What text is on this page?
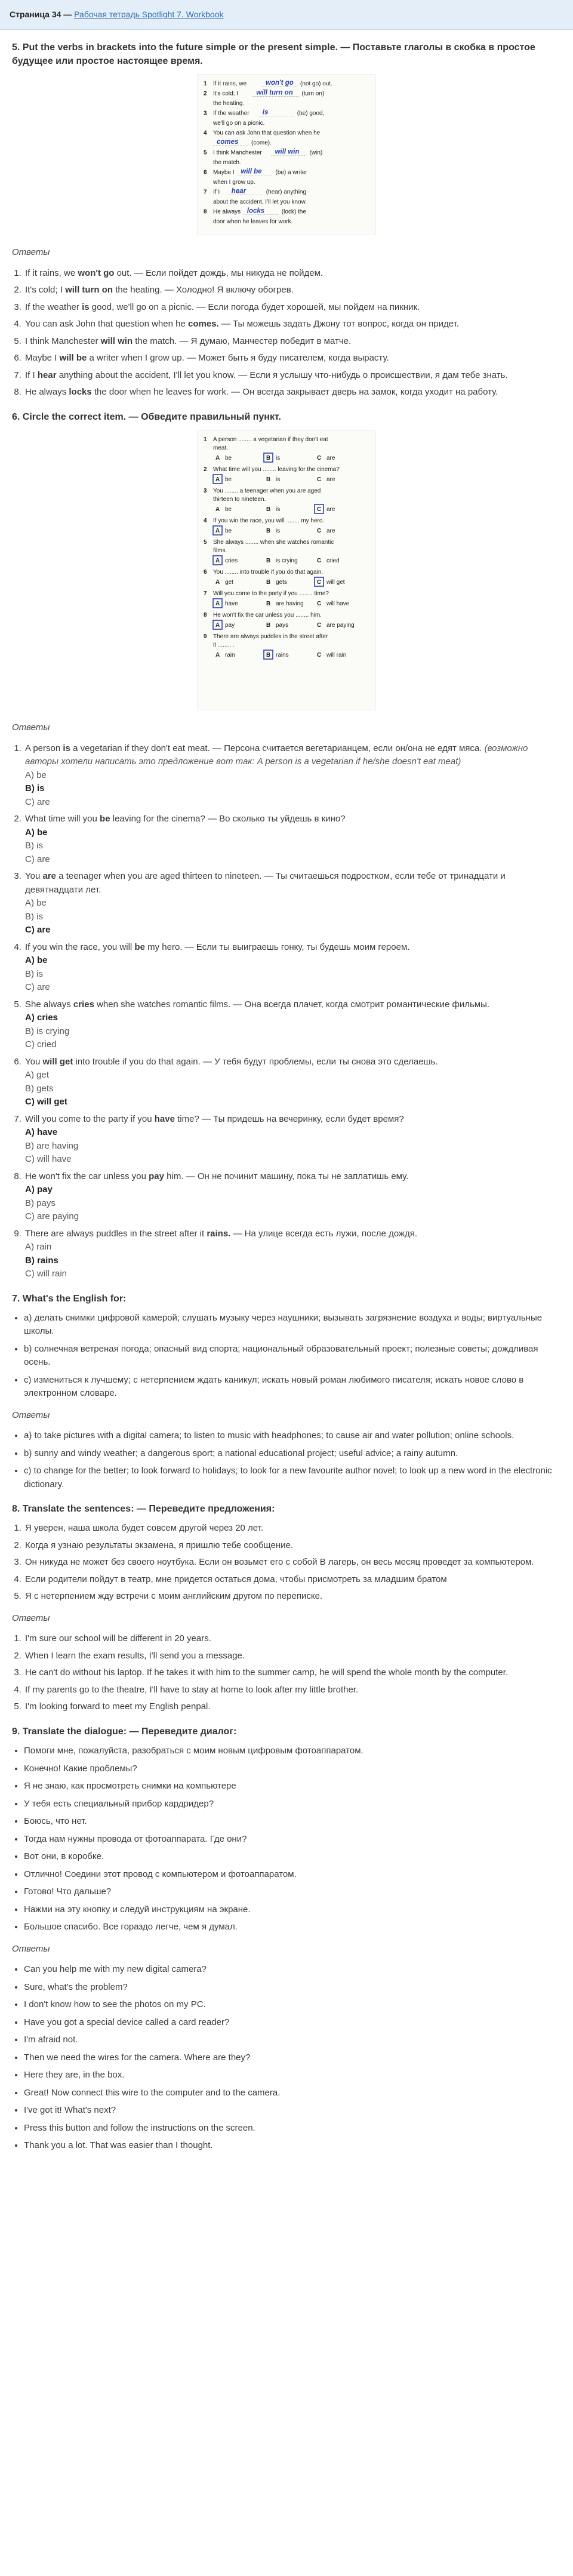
Страница 34 — Рабочая тетрадь Spotlight 7. Workbook
5. Put the verbs in brackets into the future simple or the present simple. — Поставьте глаголы в скобка в простое будущее или простое настоящее время.
1 If it rains, we	won't go (not go) out.
2 It's cold; I	will turn on (turn on)
the heating.
3 If the weather is	(be) good,
we'll go on a picnic.
4 You can ask John that question when he
comes (come).
5 I think Manchester will win (win)
the match.
6 Maybe I will be (be) a writer
when I grow up.
7 If I hear	(hear) anything
about the accident, I'll let you know.
8 He always locks	(lock) the
door when he leaves for work.
Ответы
1. If it rains, we won't go out. — Если пойдет дождь, мы никуда не пойдем.
2. It's cold; I will turn on the heating. — Холодно! Я включу обогрев.
3. If the weather is good, we'll go on a picnic. — Если погода будет хорошей, мы пойдем на пикник.
4. You can ask John that question when he comes. — Ты можешь задать Джону тот вопрос, когда он придет.
5. I think Manchester will win the match. — Я думаю, Манчестер победит в матче.
6. Maybe I will be a writer when I grow up. — Может быть я буду писателем, когда вырасту.
7. If I hear anything about the accident, I'll let you know. — Если я услышу что-нибудь о происшествии, я дам тебе знать.
8. He always locks the door when he leaves for work. — Он всегда закрывает дверь на замок, когда уходит на работу.
6. Circle the correct item. — Обведите правильный пункт.
1 A person ........ a vegetarian if they don't eat
meat.
A be	B is	C are
2 What time will you ........ leaving for the cinema?
A be	B is	C are
3 You ........ a teenager when you are aged
thirteen to nineteen.
A be	B is	C are
4 If you win the race, you will ........ my hero.
A be	B is	C are
5 She always ........ when she watches romantic
films.
A cries	B is crying	C cried
6 You ........ into trouble if you do that again.
A get	B gets	C will get
7 Will you come to the party if you ........ time?
A have	B are having C will have
8 He won't fix the car unless you ........ him.
A pay	B pays	C are paying
9 There are always puddles in the street after
it ........ .
A rain	B rains	C will rain
Ответы
1. A person is a vegetarian if they don't eat meat. — Персона считается вегетарианцем, если он/она не едят мяса. (возможно авторы хотели написать это предложение вот так: A person is a vegetarian if he/she doesn't eat meat)
A) be
B) is
C) are
2. What time will you be leaving for the cinema? — Во сколько ты уйдешь в кино?
A) be
B) is
C) are
3. You are a teenager when you are aged thirteen to nineteen. — Ты считаешься подростком, если тебе от тринадцати и девятнадцати лет.
A) be
B) is
C) are
4. If you win the race, you will be my hero. — Если ты выиграешь гонку, ты будешь моим героем.
A) be
B) is
C) are
5. She always cries when she watches romantic films. — Она всегда плачет, когда смотрит романтические фильмы.
A) cries
B) is crying
C) cried
6. You will get into trouble if you do that again. — У тебя будут проблемы, если ты снова это сделаешь.
A) get
B) gets
C) will get
7. Will you come to the party if you have time? — Ты придешь на вечеринку, если будет время?
A) have
B) are having
C) will have
8. He won't fix the car unless you pay him. — Он не починит машину, пока ты не заплатишь ему.
A) pay
B) pays
C) are paying
9. There are always puddles in the street after it rains. — На улице всегда есть лужи, после дождя.
A) rain
B) rains
C) will rain
7. What's the English for:
• a) делать снимки цифровой камерой; слушать музыку через наушники; вызывать загрязнение воздуха и воды; виртуальные школы.
• b) солнечная ветреная погода; опасный вид спорта; национальный образовательный проект; полезные советы; дождливая осень.
• c) измениться к лучшему; с нетерпением ждать каникул; искать новый роман любимого писателя; искать новое слово в электронном словаре.
Ответы
• a) to take pictures with a digital camera; to listen to music with headphones; to cause air and water pollution; online schools.
• b) sunny and windy weather; a dangerous sport; a national educational project; useful advice; a rainy autumn.
• c) to change for the better; to look forward to holidays; to look for a new favourite author novel; to look up a new word in the electronic dictionary.
8. Translate the sentences: — Переведите предложения:
1. Я уверен, наша школа будет совсем другой через 20 лет.
2. Когда я узнаю результаты экзамена, я пришлю тебе сообщение.
3. Он никуда не может без своего ноутбука. Если он возьмет его с собой В лагерь, он весь месяц проведет за компьютером.
4. Если родители пойдут в театр, мне придется остаться дома, чтобы присмотреть за младшим братом
5. Я с нетерпением жду встречи с моим английским другом по переписке.
Ответы
1. I'm sure our school will be different in 20 years.
2. When I learn the exam results, I'll send you a message.
3. He can't do without his laptop. If he takes it with him to the summer camp, he will spend the whole month by the computer.
4. If my parents go to the theatre, I'll have to stay at home to look after my little brother.
5. I'm looking forward to meet my English penpal.
9. Translate the dialogue: — Переведите диалог:
• Помоги мне, пожалуйста, разобраться с моим новым цифровым фотоаппаратом.
• Конечно! Какие проблемы?
• Я не знаю, как просмотреть снимки на компьютере
• У тебя есть специальный прибор кардридер?
• Боюсь, что нет.
• Тогда нам нужны провода от фотоаппарата. Где они?
• Вот они, в коробке.
• Отлично! Соедини этот провод с компьютером и фотоаппаратом.
• Готово! Что дальше?
• Нажми на эту кнопку и следуй инструкциям на экране.
• Большое спасибо. Все гораздо легче, чем я думал.
Ответы
• Can you help me with my new digital camera?
• Sure, what's the problem?
• I don't know how to see the photos on my PC.
• Have you got a special device called a card reader?
• I'm afraid not.
• Then we need the wires for the camera. Where are they?
• Here they are, in the box.
• Great! Now connect this wire to the computer and to the camera.
• I've got it! What's next?
• Press this button and follow the instructions on the screen.
• Thank you a lot. That was easier than I thought.
